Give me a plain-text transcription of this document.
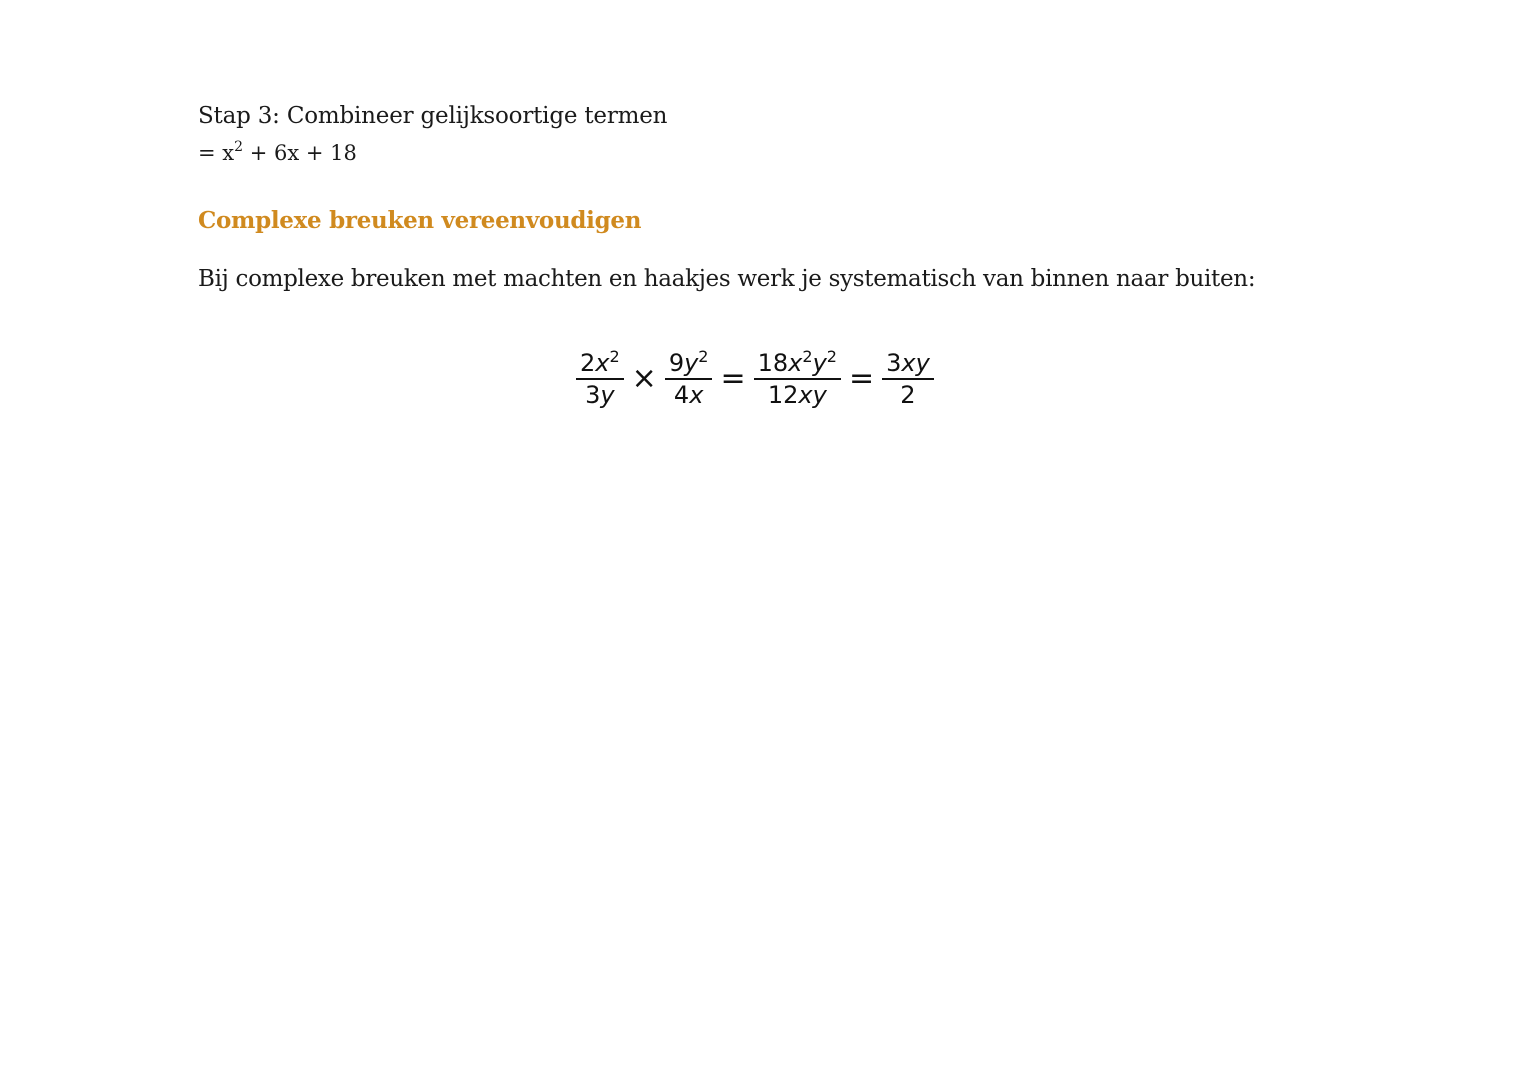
Stap 3: Combineer gelijksoortige termen
= $x^2 + 6x + 18$
Complexe breuken vereenvoudigen
Bij complexe breuken met machten en haakjes werk je systematisch van binnen naar buiten:
$\frac{2x^2}{3y} \times \frac{9y^2}{4x} = \frac{18x^2y^2}{12xy} = \frac{3xy}{2}$
